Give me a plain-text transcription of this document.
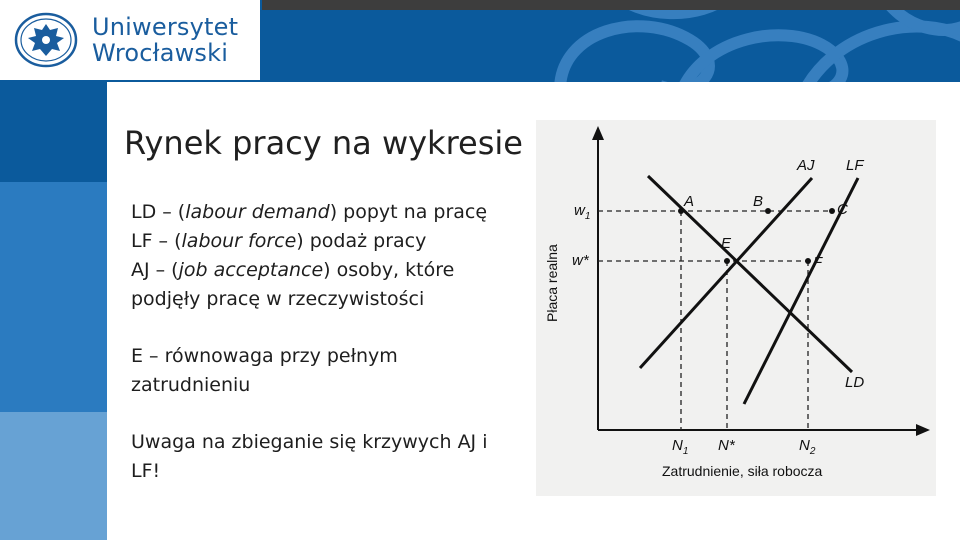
Uniwersytet
Wrocławski
Rynek pracy na wykresie

LD – (labour demand) popyt na pracę

LF – (labour force) podaż pracy

AJ – (job acceptance) osoby, które podjęły pracę w rzeczywistości

E – równowaga przy pełnym zatrudnieniu

Uwaga na zbieganie się krzywych AJ i LF!

A	B	C
E
F
$w_1$
w*
$N_1$ N*	$N_2$
AJ LF
LD
Płaca realna
Zatrudnienie, siła robocza
